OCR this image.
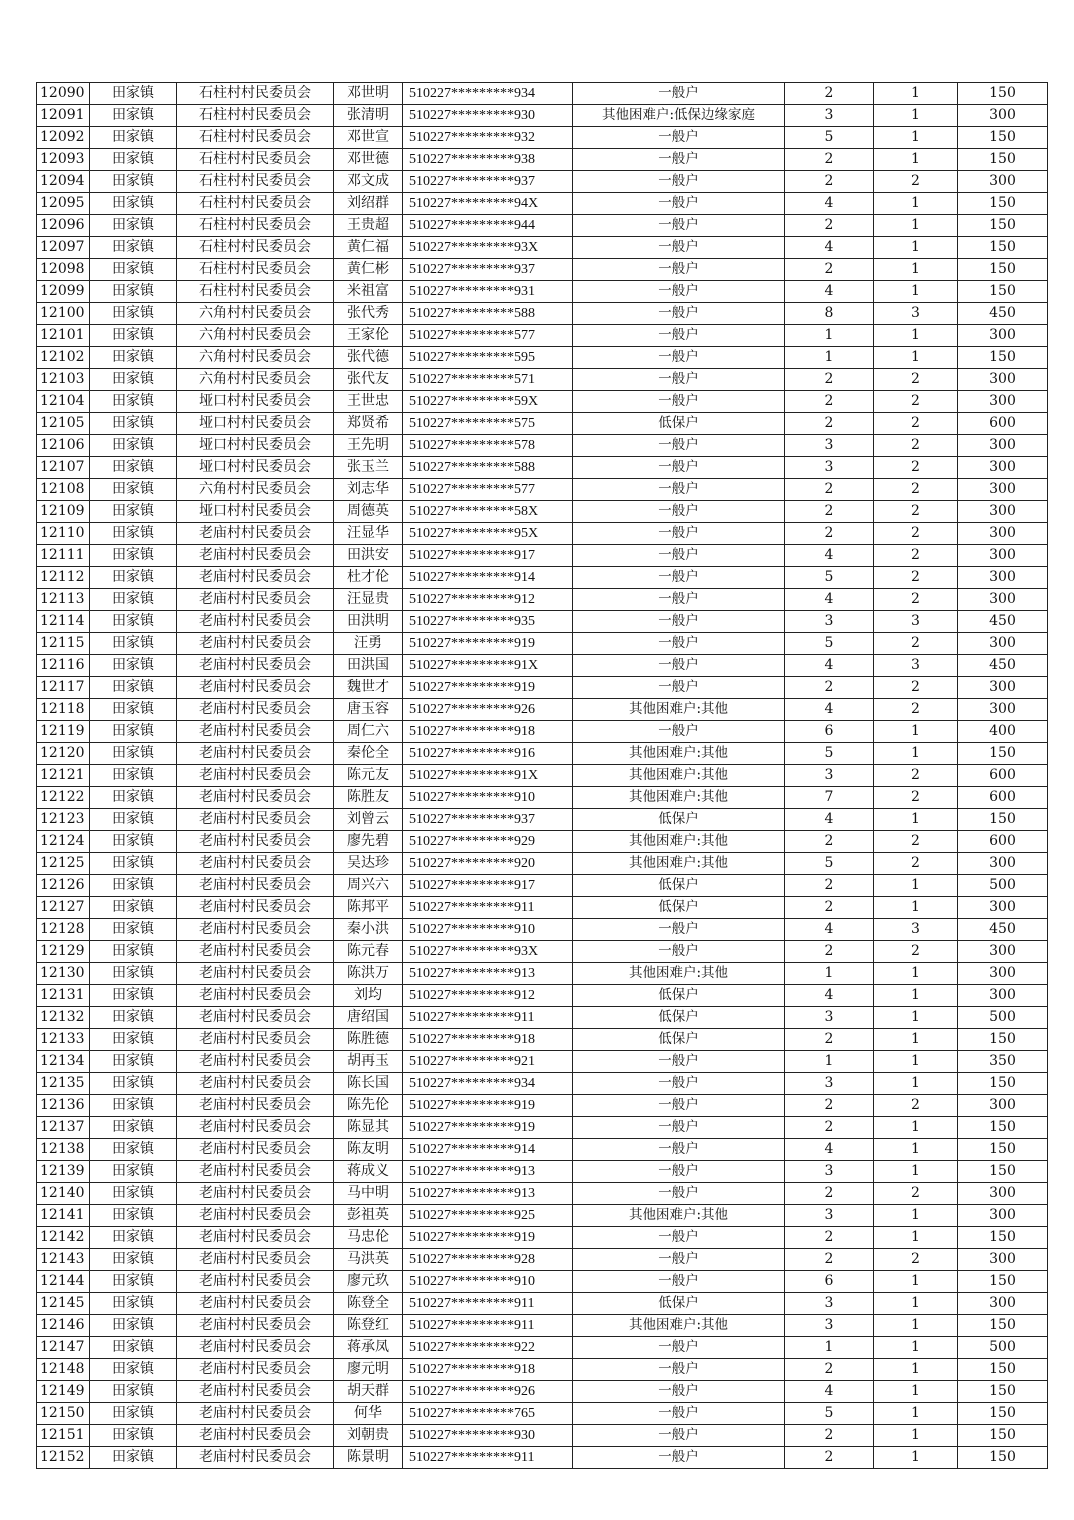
12090	田家镇	石柱村村民委员会	邓世明	510227*********934	一般户	2	1	150
12091	田家镇	石柱村村民委员会	张清明	510227*********930	其他困难户:低保边缘家庭	3	1	300
12092	田家镇	石柱村村民委员会	邓世宣	510227*********932	一般户	5	1	150
12093	田家镇	石柱村村民委员会	邓世德	510227*********938	一般户	2	1	150
12094	田家镇	石柱村村民委员会	邓文成	510227*********937	一般户	2	2	300
12095	田家镇	石柱村村民委员会	刘绍群	510227*********94X	一般户	4	1	150
12096	田家镇	石柱村村民委员会	王贵超	510227*********944	一般户	2	1	150
12097	田家镇	石柱村村民委员会	黄仁福	510227*********93X	一般户	4	1	150
12098	田家镇	石柱村村民委员会	黄仁彬	510227*********937	一般户	2	1	150
12099	田家镇	石柱村村民委员会	米祖富	510227*********931	一般户	4	1	150
12100	田家镇	六角村村民委员会	张代秀	510227*********588	一般户	8	3	450
12101	田家镇	六角村村民委员会	王家伦	510227*********577	一般户	1	1	300
12102	田家镇	六角村村民委员会	张代德	510227*********595	一般户	1	1	150
12103	田家镇	六角村村民委员会	张代友	510227*********571	一般户	2	2	300
12104	田家镇	垭口村村民委员会	王世忠	510227*********59X	一般户	2	2	300
12105	田家镇	垭口村村民委员会	郑贤希	510227*********575	低保户	2	2	600
12106	田家镇	垭口村村民委员会	王先明	510227*********578	一般户	3	2	300
12107	田家镇	垭口村村民委员会	张玉兰	510227*********588	一般户	3	2	300
12108	田家镇	六角村村民委员会	刘志华	510227*********577	一般户	2	2	300
12109	田家镇	垭口村村民委员会	周德英	510227*********58X	一般户	2	2	300
12110	田家镇	老庙村村民委员会	汪显华	510227*********95X	一般户	2	2	300
12111	田家镇	老庙村村民委员会	田洪安	510227*********917	一般户	4	2	300
12112	田家镇	老庙村村民委员会	杜才伦	510227*********914	一般户	5	2	300
12113	田家镇	老庙村村民委员会	汪显贵	510227*********912	一般户	4	2	300
12114	田家镇	老庙村村民委员会	田洪明	510227*********935	一般户	3	3	450
12115	田家镇	老庙村村民委员会	汪勇	510227*********919	一般户	5	2	300
12116	田家镇	老庙村村民委员会	田洪国	510227*********91X	一般户	4	3	450
12117	田家镇	老庙村村民委员会	魏世才	510227*********919	一般户	2	2	300
12118	田家镇	老庙村村民委员会	唐玉容	510227*********926	其他困难户:其他	4	2	300
12119	田家镇	老庙村村民委员会	周仁六	510227*********918	一般户	6	1	400
12120	田家镇	老庙村村民委员会	秦伦全	510227*********916	其他困难户:其他	5	1	150
12121	田家镇	老庙村村民委员会	陈元友	510227*********91X	其他困难户:其他	3	2	600
12122	田家镇	老庙村村民委员会	陈胜友	510227*********910	其他困难户:其他	7	2	600
12123	田家镇	老庙村村民委员会	刘曾云	510227*********937	低保户	4	1	150
12124	田家镇	老庙村村民委员会	廖先碧	510227*********929	其他困难户:其他	2	2	600
12125	田家镇	老庙村村民委员会	吴达珍	510227*********920	其他困难户:其他	5	2	300
12126	田家镇	老庙村村民委员会	周兴六	510227*********917	低保户	2	1	500
12127	田家镇	老庙村村民委员会	陈邦平	510227*********911	低保户	2	1	300
12128	田家镇	老庙村村民委员会	秦小洪	510227*********910	一般户	4	3	450
12129	田家镇	老庙村村民委员会	陈元春	510227*********93X	一般户	2	2	300
12130	田家镇	老庙村村民委员会	陈洪万	510227*********913	其他困难户:其他	1	1	300
12131	田家镇	老庙村村民委员会	刘均	510227*********912	低保户	4	1	300
12132	田家镇	老庙村村民委员会	唐绍国	510227*********911	低保户	3	1	500
12133	田家镇	老庙村村民委员会	陈胜德	510227*********918	低保户	2	1	150
12134	田家镇	老庙村村民委员会	胡再玉	510227*********921	一般户	1	1	350
12135	田家镇	老庙村村民委员会	陈长国	510227*********934	一般户	3	1	150
12136	田家镇	老庙村村民委员会	陈先伦	510227*********919	一般户	2	2	300
12137	田家镇	老庙村村民委员会	陈显其	510227*********919	一般户	2	1	150
12138	田家镇	老庙村村民委员会	陈友明	510227*********914	一般户	4	1	150
12139	田家镇	老庙村村民委员会	蒋成义	510227*********913	一般户	3	1	150
12140	田家镇	老庙村村民委员会	马中明	510227*********913	一般户	2	2	300
12141	田家镇	老庙村村民委员会	彭祖英	510227*********925	其他困难户:其他	3	1	300
12142	田家镇	老庙村村民委员会	马忠伦	510227*********919	一般户	2	1	150
12143	田家镇	老庙村村民委员会	马洪英	510227*********928	一般户	2	2	300
12144	田家镇	老庙村村民委员会	廖元玖	510227*********910	一般户	6	1	150
12145	田家镇	老庙村村民委员会	陈登全	510227*********911	低保户	3	1	300
12146	田家镇	老庙村村民委员会	陈登红	510227*********911	其他困难户:其他	3	1	150
12147	田家镇	老庙村村民委员会	蒋承凤	510227*********922	一般户	1	1	500
12148	田家镇	老庙村村民委员会	廖元明	510227*********918	一般户	2	1	150
12149	田家镇	老庙村村民委员会	胡天群	510227*********926	一般户	4	1	150
12150	田家镇	老庙村村民委员会	何华	510227*********765	一般户	5	1	150
12151	田家镇	老庙村村民委员会	刘朝贵	510227*********930	一般户	2	1	150
12152	田家镇	老庙村村民委员会	陈景明	510227*********911	一般户	2	1	150
